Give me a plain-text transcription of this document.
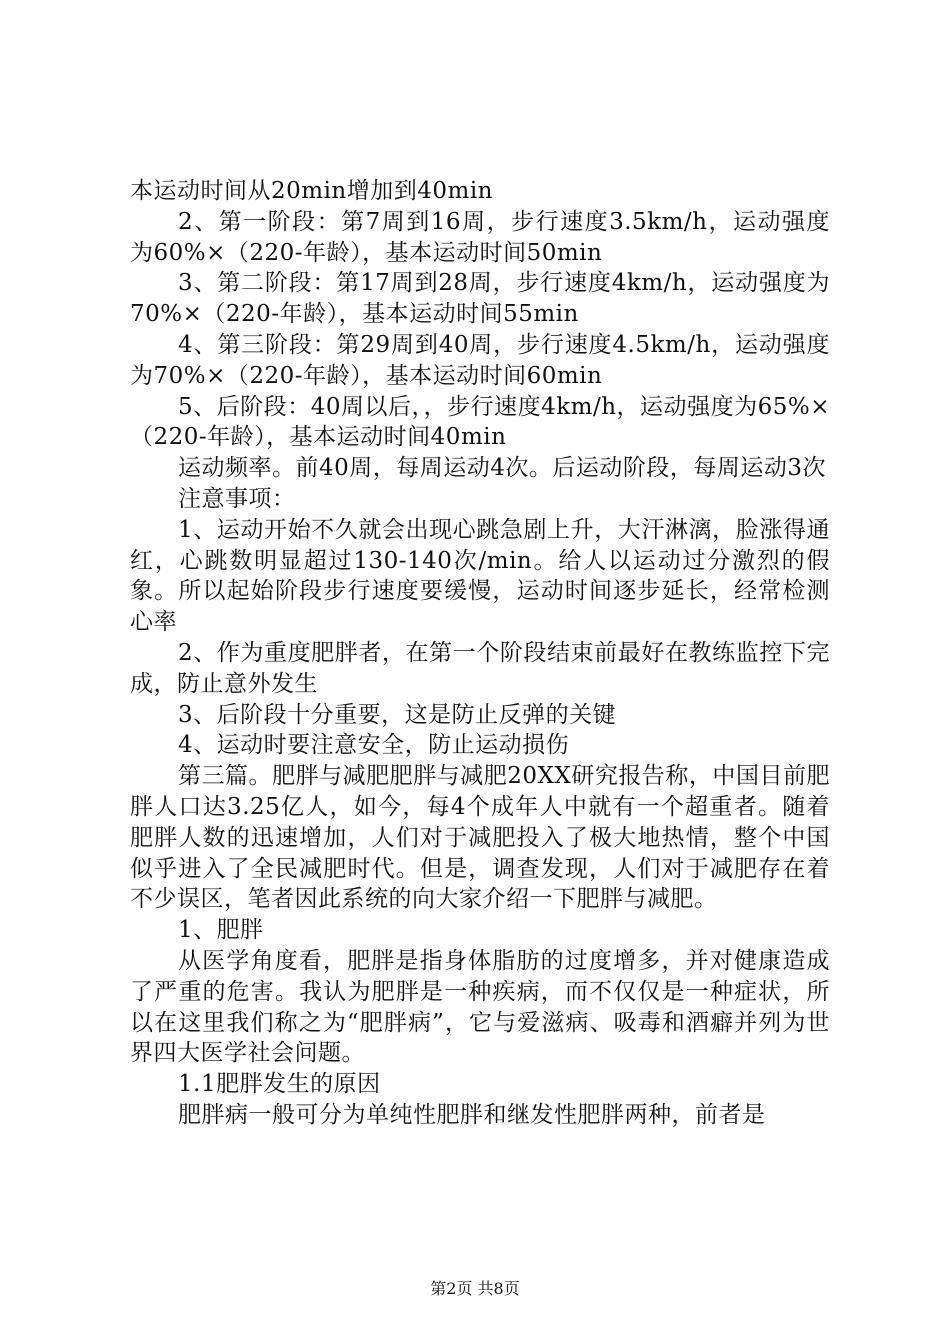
本运动时间从20min增加到40min

2、第一阶段：第7周到16周，步行速度3.5km/h，运动强度为60%×（220-年龄），基本运动时间50min

3、第二阶段：第17周到28周，步行速度4km/h，运动强度为70%×（220-年龄），基本运动时间55min

4、第三阶段：第29周到40周，步行速度4.5km/h，运动强度为70%×（220-年龄），基本运动时间60min

5、后阶段：40周以后，，步行速度4km/h，运动强度为65%×（220-年龄），基本运动时间40min

运动频率。前40周，每周运动4次。后运动阶段，每周运动3次

注意事项：

1、运动开始不久就会出现心跳急剧上升，大汗淋漓，脸涨得通红，心跳数明显超过130-140次/min。给人以运动过分激烈的假象。所以起始阶段步行速度要缓慢，运动时间逐步延长，经常检测心率

2、作为重度肥胖者，在第一个阶段结束前最好在教练监控下完成，防止意外发生

3、后阶段十分重要，这是防止反弹的关键

4、运动时要注意安全，防止运动损伤

第三篇。肥胖与减肥肥胖与减肥20XX研究报告称，中国目前肥胖人口达3.25亿人，如今，每4个成年人中就有一个超重者。随着肥胖人数的迅速增加，人们对于减肥投入了极大地热情，整个中国似乎进入了全民减肥时代。但是，调查发现，人们对于减肥存在着不少误区，笔者因此系统的向大家介绍一下肥胖与减肥。

1、肥胖

从医学角度看，肥胖是指身体脂肪的过度增多，并对健康造成了严重的危害。我认为肥胖是一种疾病，而不仅仅是一种症状，所以在这里我们称之为“肥胖病”，它与爱滋病、吸毒和酒癖并列为世界四大医学社会问题。

1.1肥胖发生的原因

肥胖病一般可分为单纯性肥胖和继发性肥胖两种，前者是

第2页 共8页
